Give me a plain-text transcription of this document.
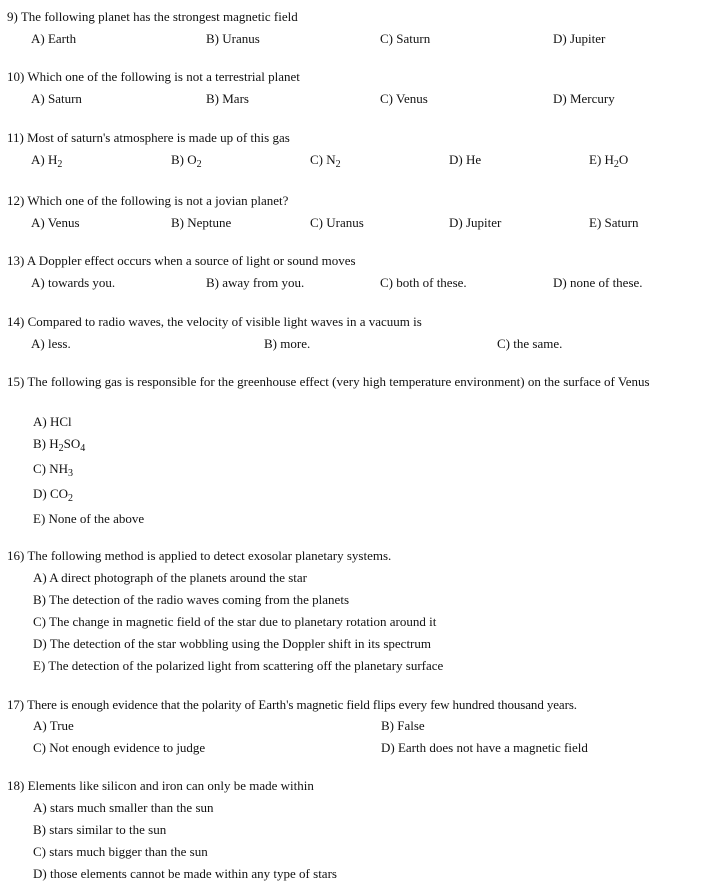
9) The following planet has the strongest magnetic field
A) Earth	B) Uranus	C) Saturn	D) Jupiter
10) Which one of the following is not a terrestrial planet
A) Saturn	B) Mars	C) Venus	D) Mercury
11) Most of saturn's atmosphere is made up of this gas
A) $H_2$	B) $O_2$	C) $N_2$	D) He	E) $H_2O$
12) Which one of the following is not a jovian planet?
A) Venus	B) Neptune	C) Uranus	D) Jupiter	E) Saturn
13) A Doppler effect occurs when a source of light or sound moves
A) towards you.	B) away from you.	C) both of these.	D) none of these.
14) Compared to radio waves, the velocity of visible light waves in a vacuum is
A) less.	B) more.	C) the same.
15) The following gas is responsible for the greenhouse effect (very high temperature environment) on the surface of Venus
A) HCl
B) $H_2SO_4$
C) $NH_3$
D) $CO_2$
E) None of the above
16) The following method is applied to detect exosolar planetary systems.
A) A direct photograph of the planets around the star
B) The detection of the radio waves coming from the planets
C) The change in magnetic field of the star due to planetary rotation around it
D) The detection of the star wobbling using the Doppler shift in its spectrum
E) The detection of the polarized light from scattering off the planetary surface
17) There is enough evidence that the polarity of Earth's magnetic field flips every few hundred thousand years.
A) True	B) False
C) Not enough evidence to judge	D) Earth does not have a magnetic field
18) Elements like silicon and iron can only be made within
A) stars much smaller than the sun
B) stars similar to the sun
C) stars much bigger than the sun
D) those elements cannot be made within any type of stars
